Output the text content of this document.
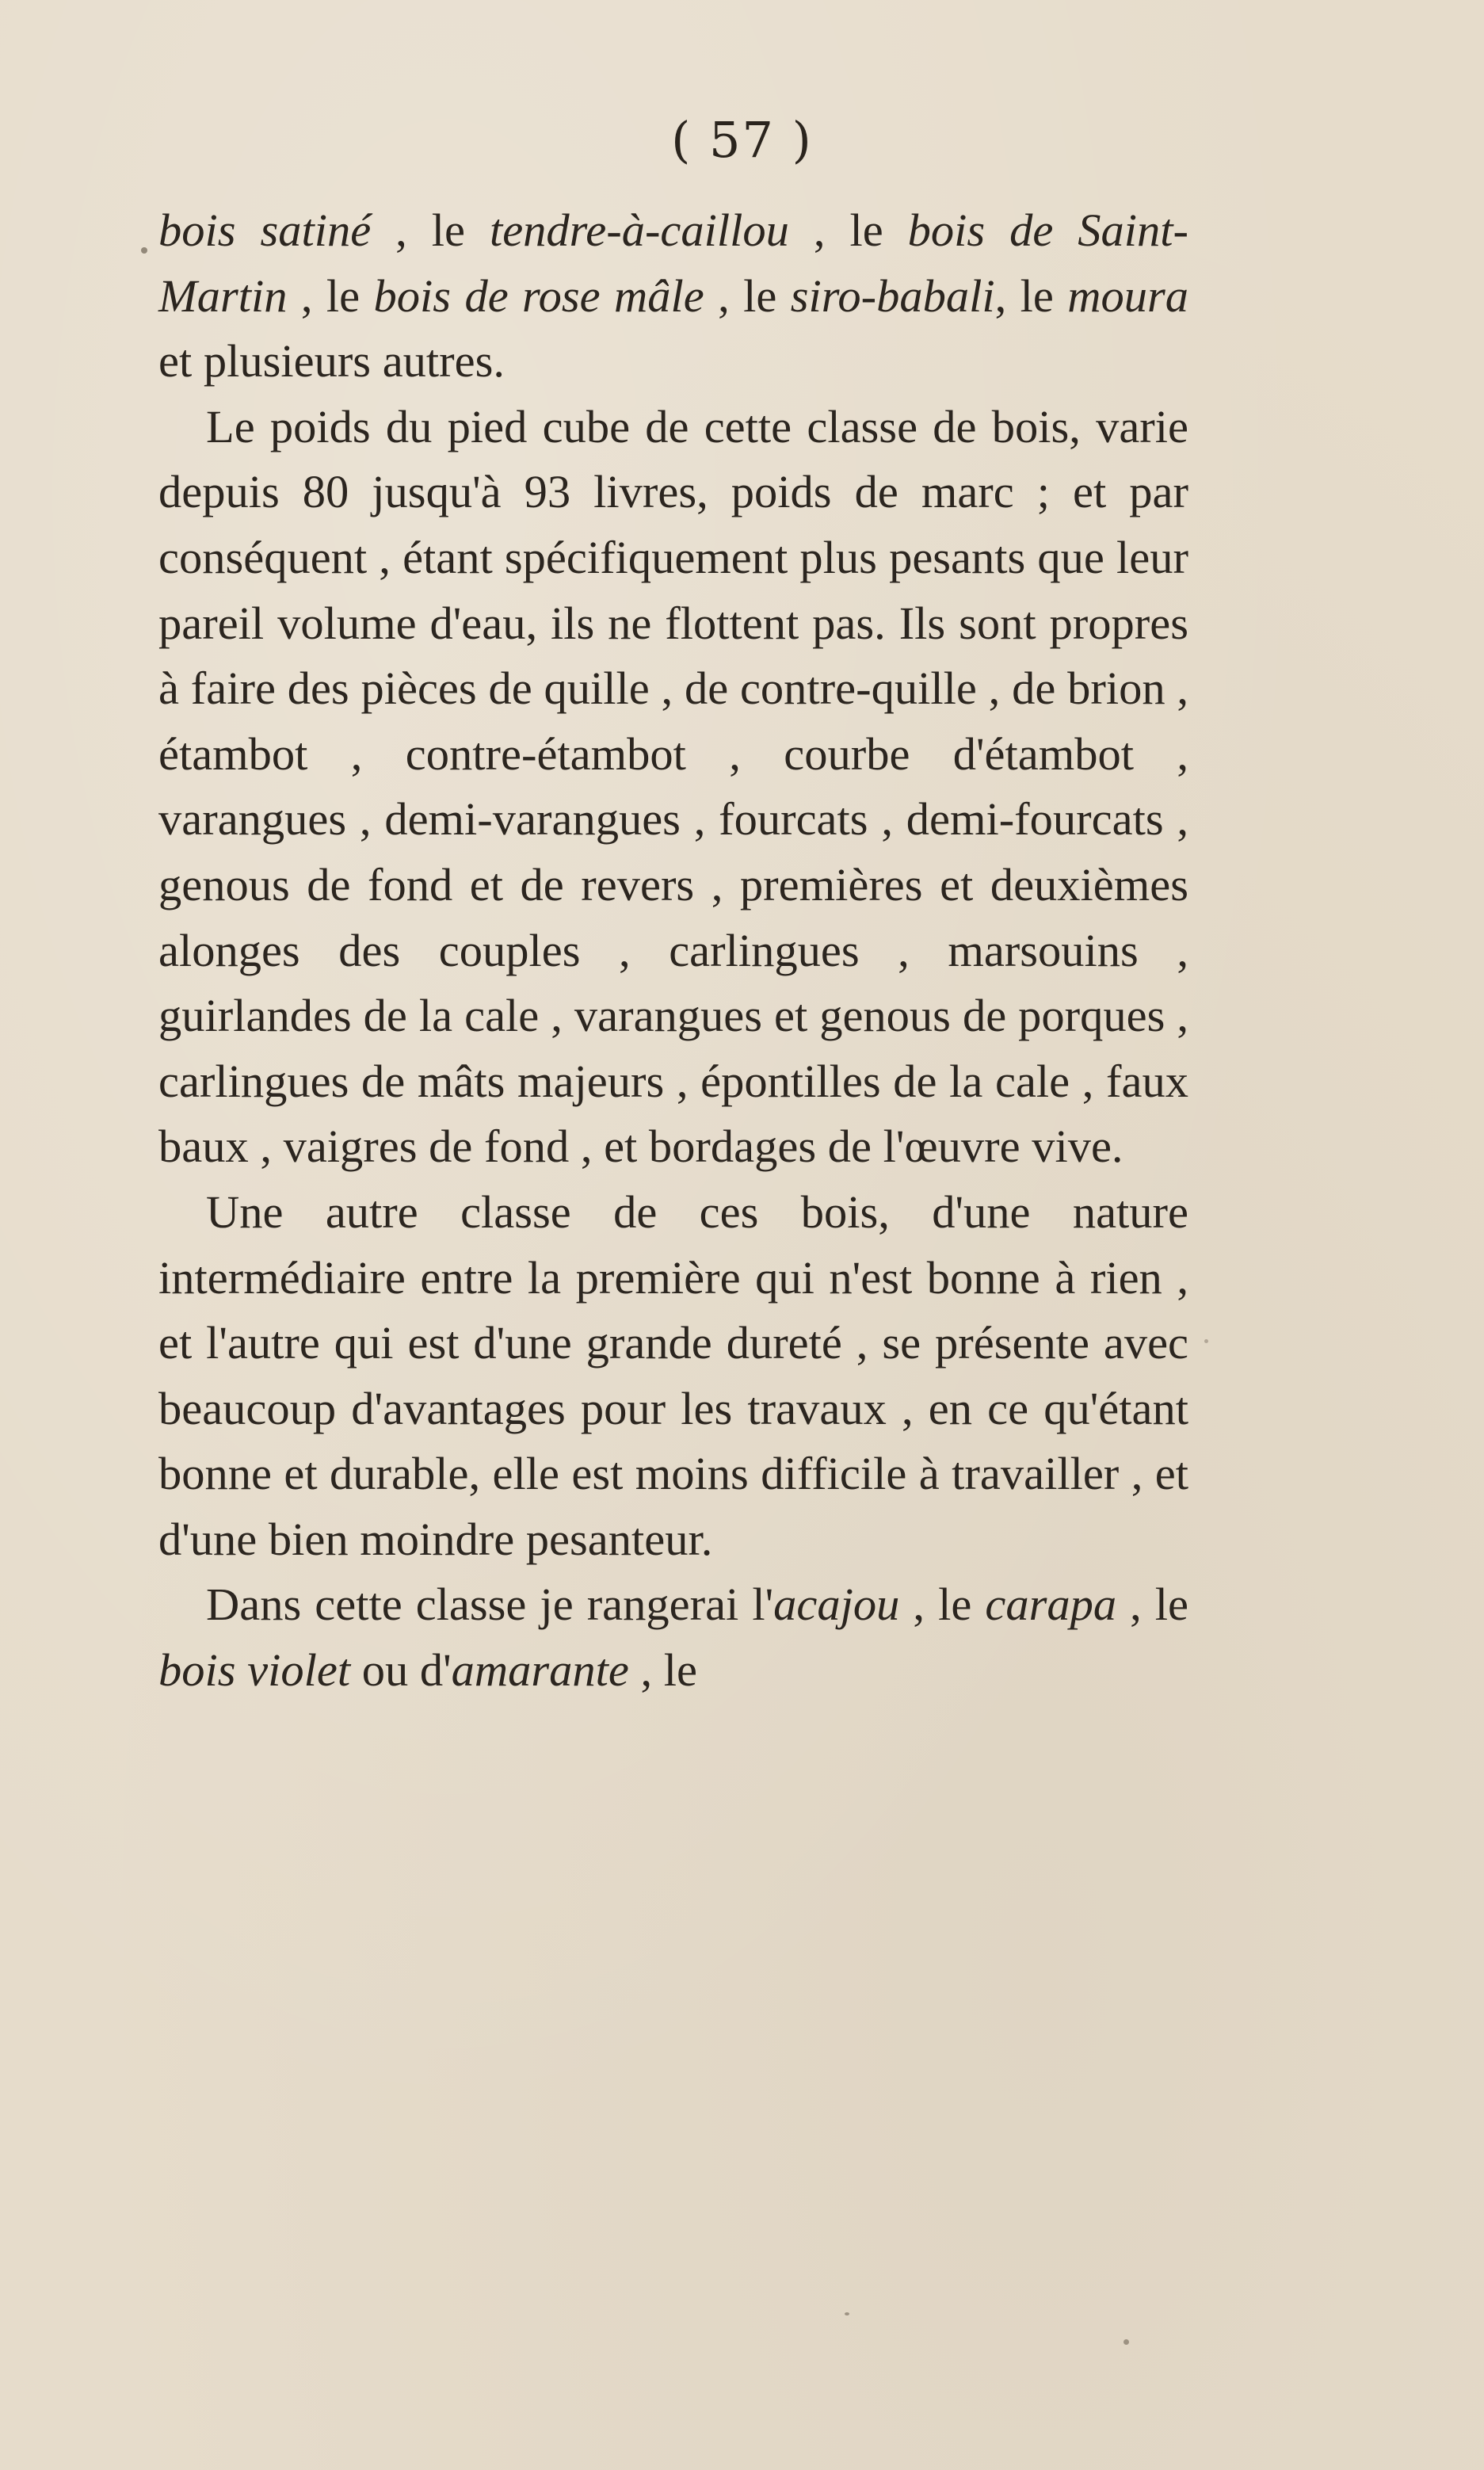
( 57 )

bois satiné , le tendre-à-caillou , le bois de Saint-Martin , le bois de rose mâle , le siro-babali, le moura et plusieurs autres.

Le poids du pied cube de cette classe de bois, varie depuis 80 jusqu'à 93 livres, poids de marc ; et par conséquent , étant spécifiquement plus pesants que leur pareil volume d'eau, ils ne flottent pas. Ils sont propres à faire des pièces de quille , de contre-quille , de brion , étambot , contre-étambot , courbe d'étambot , varangues , demi-varangues , fourcats , demi-fourcats , genous de fond et de revers , premières et deuxièmes alonges des couples , carlingues , marsouins , guirlandes de la cale , varangues et genous de porques , carlingues de mâts majeurs , épontilles de la cale , faux baux , vaigres de fond , et bordages de l'œuvre vive.

Une autre classe de ces bois, d'une nature intermédiaire entre la première qui n'est bonne à rien , et l'autre qui est d'une grande dureté , se présente avec beaucoup d'avantages pour les travaux , en ce qu'étant bonne et durable, elle est moins difficile à travailler , et d'une bien moindre pesanteur.

Dans cette classe je rangerai l'acajou , le carapa , le bois violet ou d'amarante , le
